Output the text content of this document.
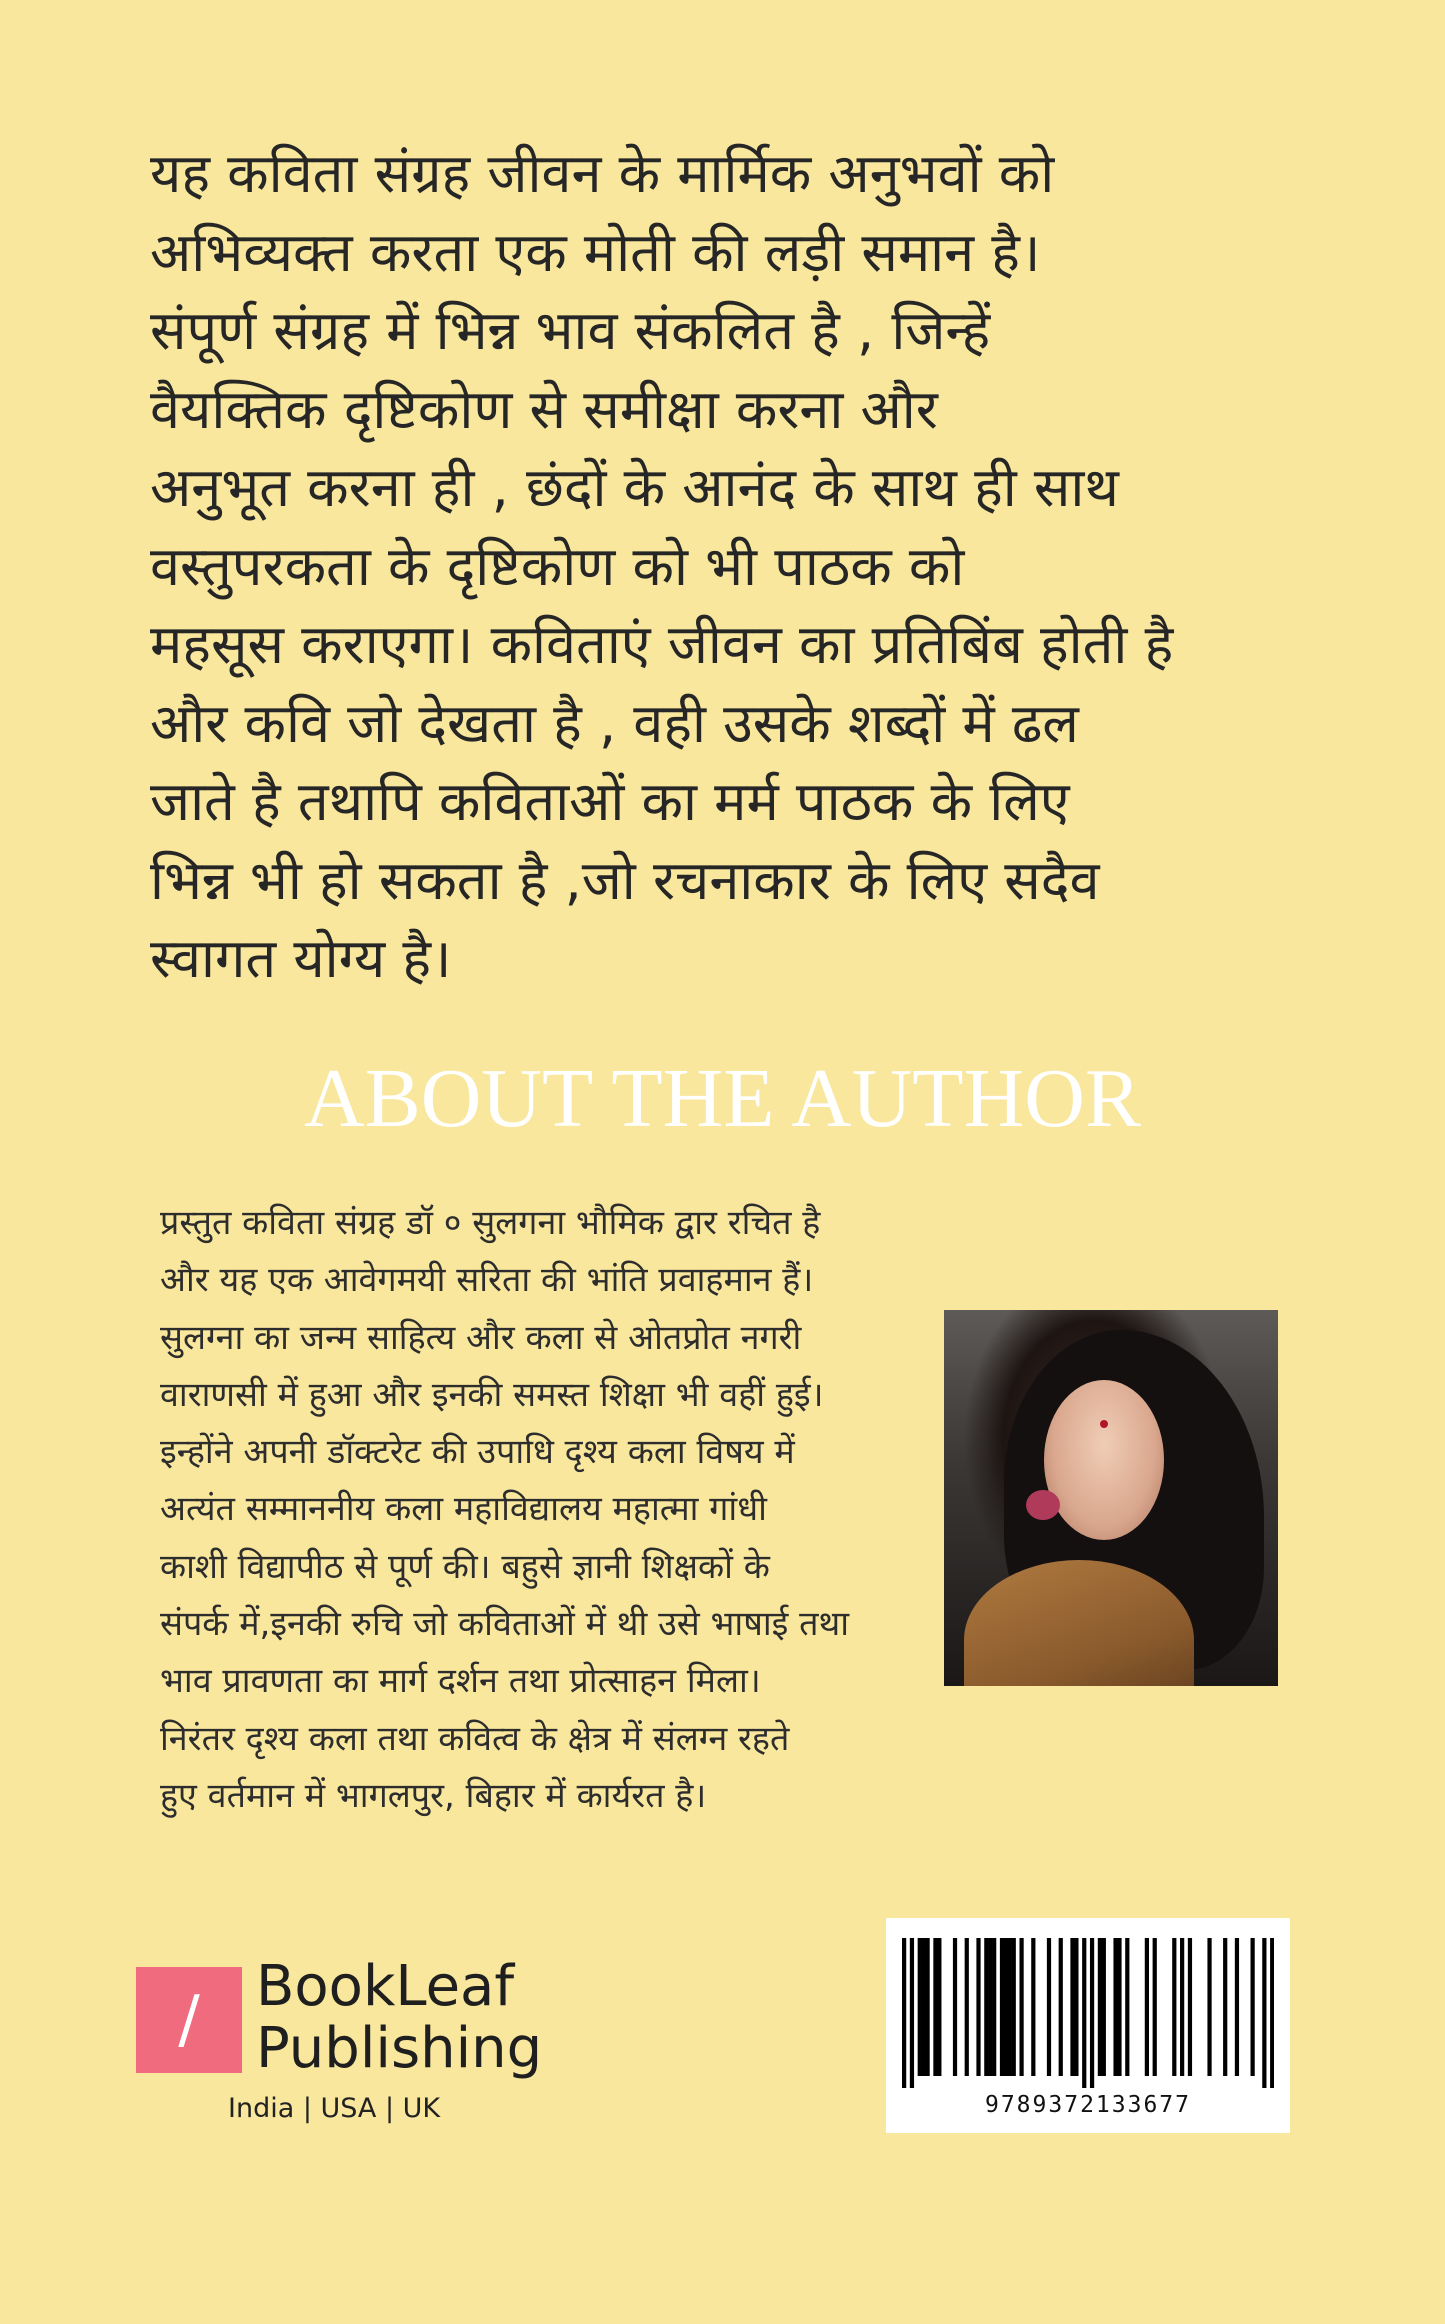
यह कविता संग्रह जीवन के मार्मिक अनुभवों को
अभिव्यक्त करता एक मोती की लड़ी समान है।
संपूर्ण संग्रह में भिन्न भाव संकलित है , जिन्हें
वैयक्तिक दृष्टिकोण से समीक्षा करना और
अनुभूत करना ही , छंदों के आनंद के साथ ही साथ
वस्तुपरकता के दृष्टिकोण को भी पाठक को
महसूस कराएगा। कविताएं जीवन का प्रतिबिंब होती है
और कवि जो देखता है , वही उसके शब्दों में ढल
जाते है तथापि कविताओं का मर्म पाठक के लिए
भिन्न भी हो सकता है ,जो रचनाकार के लिए सदैव
स्वागत योग्य है।
ABOUT THE AUTHOR
प्रस्तुत कविता संग्रह डॉ ० सुलगना भौमिक द्वार रचित है
और यह एक आवेगमयी सरिता की भांति प्रवाहमान हैं।
सुलग्ना का जन्म साहित्य और कला से ओतप्रोत नगरी
वाराणसी में हुआ और इनकी समस्त शिक्षा भी वहीं हुई।
इन्होंने अपनी डॉक्टरेट की उपाधि दृश्य कला विषय में
अत्यंत सम्माननीय कला महाविद्यालय महात्मा गांधी
काशी विद्यापीठ से पूर्ण की। बहुसे ज्ञानी शिक्षकों के
संपर्क में,इनकी रुचि जो कविताओं में थी उसे भाषाई तथा
भाव प्रावणता का मार्ग दर्शन तथा प्रोत्साहन मिला।
निरंतर दृश्य कला तथा कवित्व के क्षेत्र में संलग्न रहते
हुए वर्तमान में भागलपुर, बिहार में कार्यरत है।
/	BookLeaf
Publishing
India | USA | UK	9789372133677
